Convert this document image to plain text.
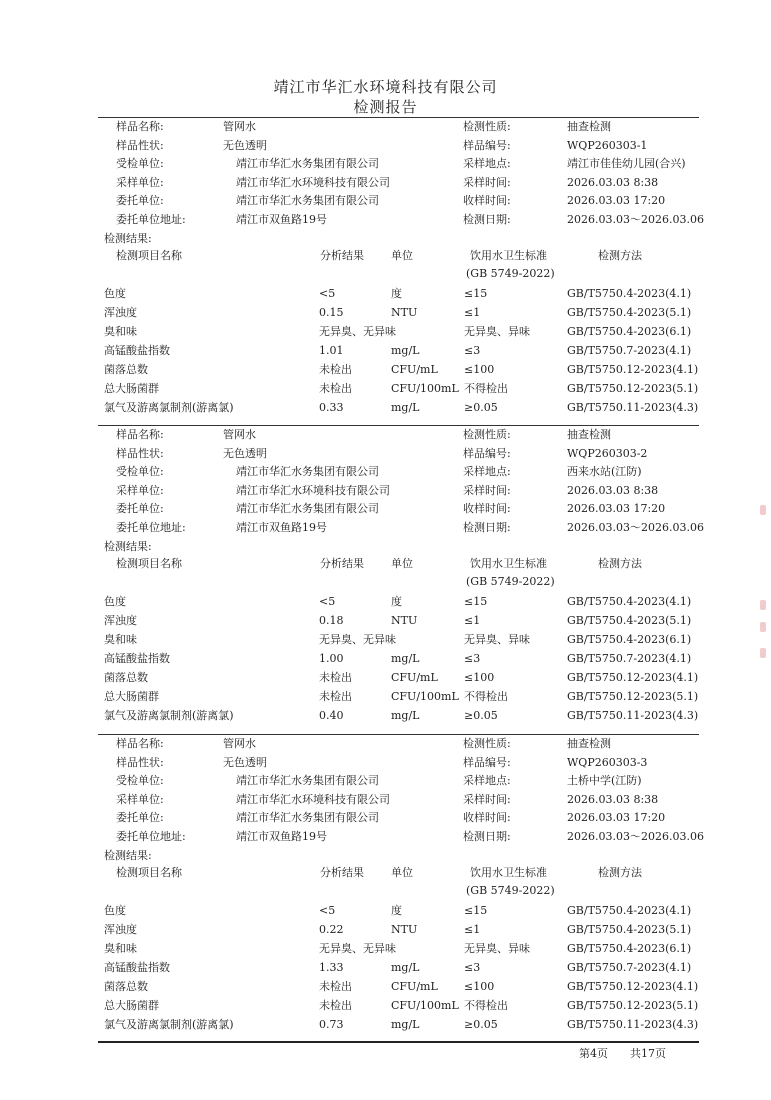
靖江市华汇水环境科技有限公司
检测报告
样品名称:	管网水	检测性质:	抽查检测
样品性状:	无色透明	样品编号:	WQP260303-1
受检单位:	靖江市华汇水务集团有限公司	采样地点:	靖江市佳佳幼儿园(合兴)
采样单位:	靖江市华汇水环境科技有限公司	采样时间:	2026.03.03 8:38
委托单位:	靖江市华汇水务集团有限公司	收样时间:	2026.03.03 17:20
委托单位地址:	靖江市双鱼路19号	检测日期:	2026.03.03～2026.03.06
检测结果:
检测项目名称	分析结果 单位	饮用水卫生标准	检测方法
(GB 5749-2022)
色度	<5	度	≤15	GB/T5750.4-2023(4.1)
浑浊度	0.15	NTU	≤1	GB/T5750.4-2023(5.1)
臭和味	无异臭、无异味	无异臭、异味	GB/T5750.4-2023(6.1)
高锰酸盐指数	1.01	mg/L	≤3	GB/T5750.7-2023(4.1)
菌落总数	未检出	CFU/mL ≤100	GB/T5750.12-2023(4.1)
总大肠菌群	未检出	CFU/100mL 不得检出	GB/T5750.12-2023(5.1)
氯气及游离氯制剂(游离氯)	0.33	mg/L	≥0.05	GB/T5750.11-2023(4.3)
样品名称:	管网水	检测性质:	抽查检测
样品性状:	无色透明	样品编号:	WQP260303-2
受检单位:	靖江市华汇水务集团有限公司	采样地点:	西来水站(江防)
采样单位:	靖江市华汇水环境科技有限公司	采样时间:	2026.03.03 8:38
委托单位:	靖江市华汇水务集团有限公司	收样时间:	2026.03.03 17:20
委托单位地址:	靖江市双鱼路19号	检测日期:	2026.03.03～2026.03.06
检测结果:
检测项目名称	分析结果 单位	饮用水卫生标准	检测方法
(GB 5749-2022)
色度	<5	度	≤15	GB/T5750.4-2023(4.1)
浑浊度	0.18	NTU	≤1	GB/T5750.4-2023(5.1)
臭和味	无异臭、无异味	无异臭、异味	GB/T5750.4-2023(6.1)
高锰酸盐指数	1.00	mg/L	≤3	GB/T5750.7-2023(4.1)
菌落总数	未检出	CFU/mL ≤100	GB/T5750.12-2023(4.1)
总大肠菌群	未检出	CFU/100mL 不得检出	GB/T5750.12-2023(5.1)
氯气及游离氯制剂(游离氯)	0.40	mg/L	≥0.05	GB/T5750.11-2023(4.3)
样品名称:	管网水	检测性质:	抽查检测
样品性状:	无色透明	样品编号:	WQP260303-3
受检单位:	靖江市华汇水务集团有限公司	采样地点:	土桥中学(江防)
采样单位:	靖江市华汇水环境科技有限公司	采样时间:	2026.03.03 8:38
委托单位:	靖江市华汇水务集团有限公司	收样时间:	2026.03.03 17:20
委托单位地址:	靖江市双鱼路19号	检测日期:	2026.03.03～2026.03.06
检测结果:
检测项目名称	分析结果 单位	饮用水卫生标准	检测方法
(GB 5749-2022)
色度	<5	度	≤15	GB/T5750.4-2023(4.1)
浑浊度	0.22	NTU	≤1	GB/T5750.4-2023(5.1)
臭和味	无异臭、无异味	无异臭、异味	GB/T5750.4-2023(6.1)
高锰酸盐指数	1.33	mg/L	≤3	GB/T5750.7-2023(4.1)
菌落总数	未检出	CFU/mL ≤100	GB/T5750.12-2023(4.1)
总大肠菌群	未检出	CFU/100mL 不得检出	GB/T5750.12-2023(5.1)
氯气及游离氯制剂(游离氯)	0.73	mg/L	≥0.05	GB/T5750.11-2023(4.3)
第4页 共17页
